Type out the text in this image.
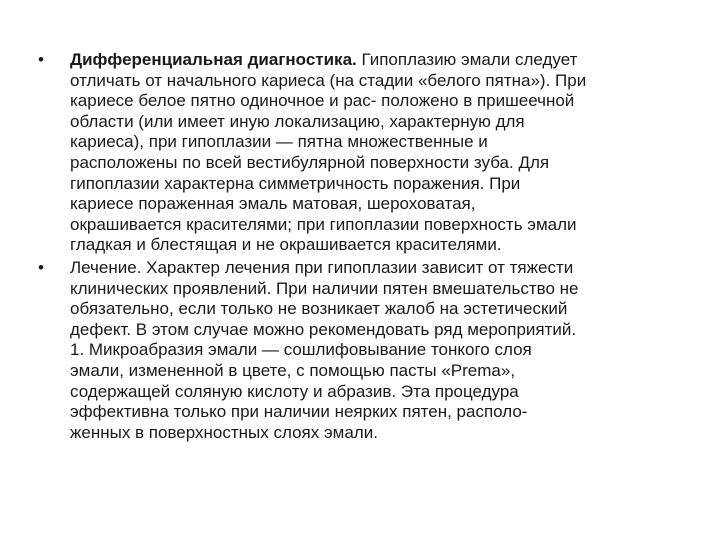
•	Дифференциальная диагностика. Гипоплазию эмали следует
отличать от начального кариеса (на стадии «белого пятна»). При
кариесе белое пятно одиночное и рас- положено в пришеечной
области (или имеет иную локализацию, характерную для
кариеса), при гипоплазии — пятна множественные и
расположены по всей вестибулярной поверхности зуба. Для
гипоплазии характерна симметричность поражения. При
кариесе пораженная эмаль матовая, шероховатая,
окрашивается красителями; при гипоплазии поверхность эмали
гладкая и блестящая и не окрашивается красителями.
•	Лечение. Характер лечения при гипоплазии зависит от тяжести
клинических проявлений. При наличии пятен вмешательство не
обязательно, если только не возникает жалоб на эстетический
дефект. В этом случае можно рекомендовать ряд мероприятий.
1. Микроабразия эмали — сошлифовывание тонкого слоя
эмали, измененной в цвете, с помощью пасты «Prema»,
содержащей соляную кислоту и абразив. Эта процедура
эффективна только при наличии неярких пятен, располо-
женных в поверхностных слоях эмали.
